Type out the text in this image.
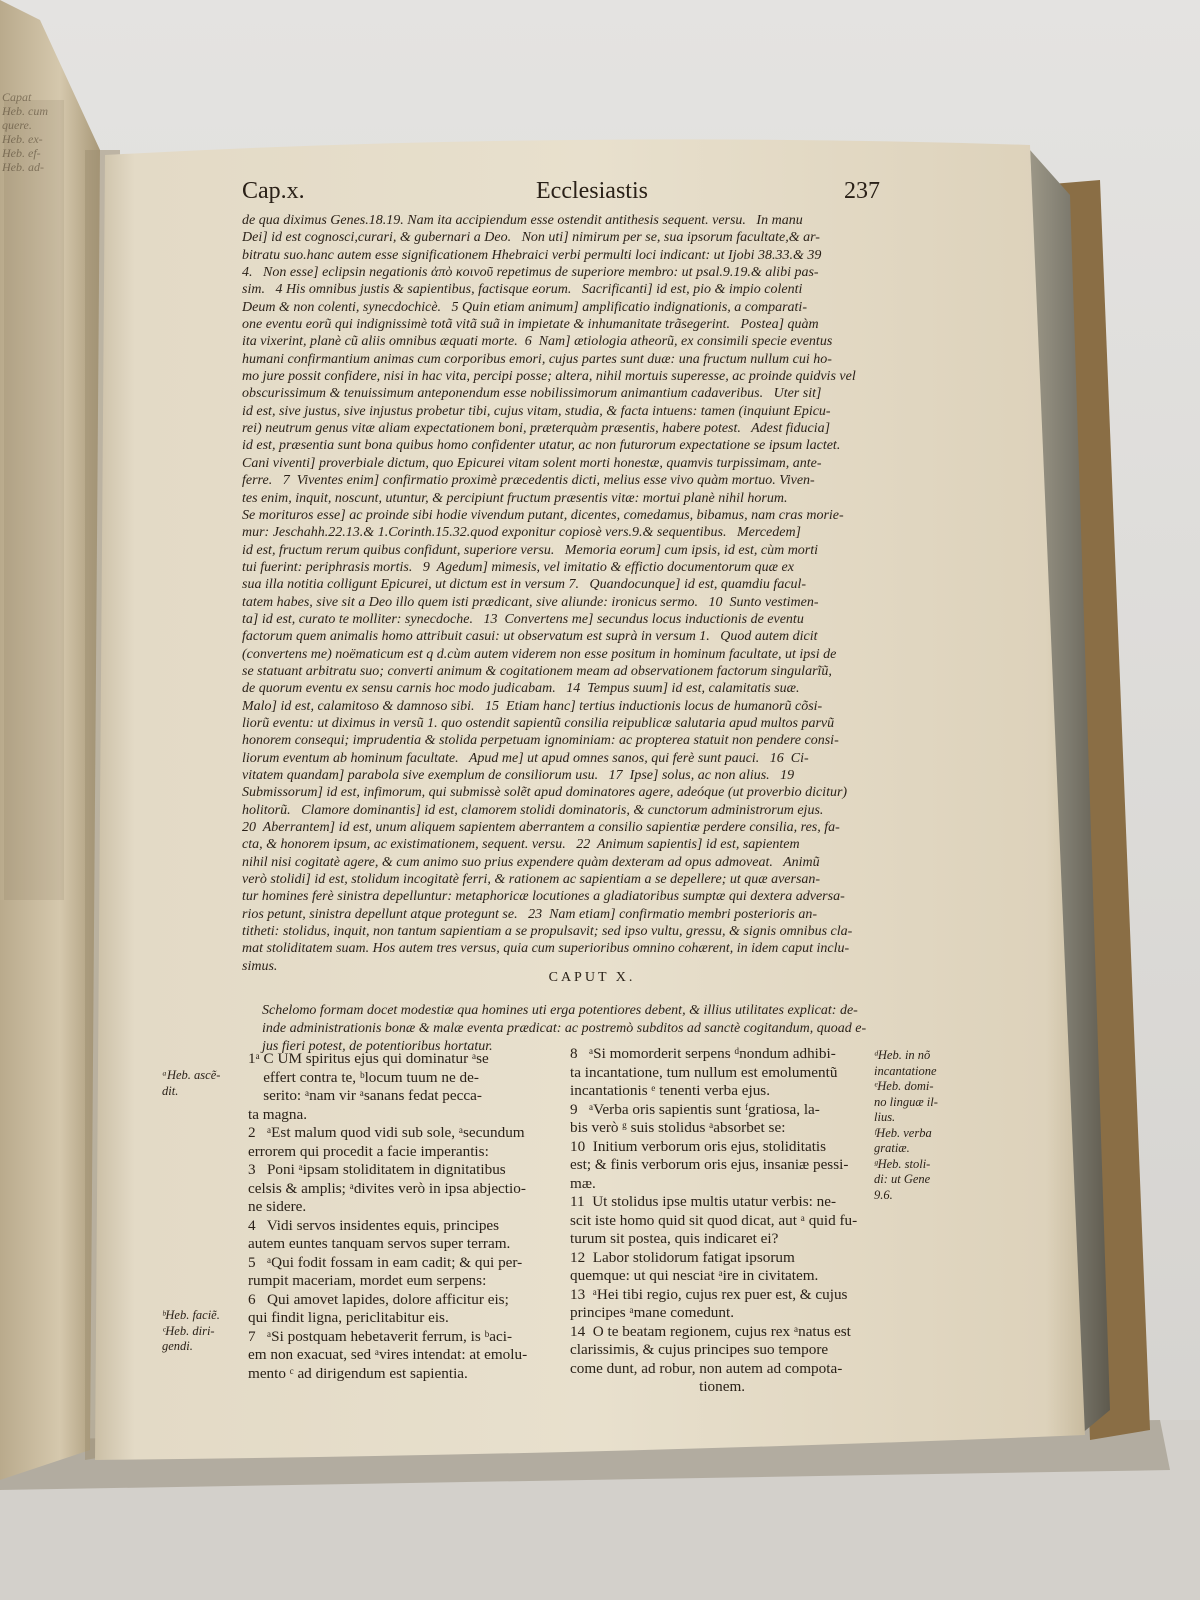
Cap.x.	Ecclesiastis	237
de qua diximus Genes.18.19. Nam ita accipiendum esse ostendit antithesis sequent. versu.   In manu
Dei] id est cognosci,curari, & gubernari a Deo.   Non uti] nimirum per se, sua ipsorum facultate,& ar-
bitratu suo.hanc autem esse significationem Hhebraici verbi permulti loci indicant: ut Ijobi 38.33.& 39
4.   Non esse] eclipsin negationis ἀπὸ κοινοῦ repetimus de superiore membro: ut psal.9.19.& alibi pas-
sim.   4 His omnibus justis & sapientibus, factisque eorum.   Sacrificanti] id est, pio & impio colenti
Deum & non colenti, synecdochicè.   5 Quin etiam animum] amplificatio indignationis, a comparati-
one eventu eorũ qui indignissimè totã vitã suã in impietate & inhumanitate trãsegerint.   Postea] quàm
ita vixerint, planè cũ aliis omnibus æquati morte.  6  Nam] ætiologia atheorũ, ex consimili specie eventus
humani confirmantium animas cum corporibus emori, cujus partes sunt duæ: una fructum nullum cui ho-
mo jure possit confidere, nisi in hac vita, percipi posse; altera, nihil mortuis superesse, ac proinde quidvis vel
obscurissimum & tenuissimum anteponendum esse nobilissimorum animantium cadaveribus.   Uter sit]
id est, sive justus, sive injustus probetur tibi, cujus vitam, studia, & facta intuens: tamen (inquiunt Epicu-
rei) neutrum genus vitæ aliam expectationem boni, præterquàm præsentis, habere potest.   Adest fiducia]
id est, præsentia sunt bona quibus homo confidenter utatur, ac non futurorum expectatione se ipsum lactet.
Cani viventi] proverbiale dictum, quo Epicurei vitam solent morti honestæ, quamvis turpissimam, ante-
ferre.   7  Viventes enim] confirmatio proximè præcedentis dicti, melius esse vivo quàm mortuo. Viven-
tes enim, inquit, noscunt, utuntur, & percipiunt fructum præsentis vitæ: mortui planè nihil horum.
Se morituros esse] ac proinde sibi hodie vivendum putant, dicentes, comedamus, bibamus, nam cras morie-
mur: Jeschahh.22.13.& 1.Corinth.15.32.quod exponitur copiosè vers.9.& sequentibus.   Mercedem]
id est, fructum rerum quibus confidunt, superiore versu.   Memoria eorum] cum ipsis, id est, cùm morti
tui fuerint: periphrasis mortis.   9  Agedum] mimesis, vel imitatio & effictio documentorum quæ ex
sua illa notitia colligunt Epicurei, ut dictum est in versum 7.   Quandocunque] id est, quamdiu facul-
tatem habes, sive sit a Deo illo quem isti prædicant, sive aliunde: ironicus sermo.   10  Sunto vestimen-
ta] id est, curato te molliter: synecdoche.   13  Convertens me] secundus locus inductionis de eventu
factorum quem animalis homo attribuit casui: ut observatum est suprà in versum 1.   Quod autem dicit
(convertens me) noëmaticum est q d.cùm autem viderem non esse positum in hominum facultate, ut ipsi de
se statuant arbitratu suo; converti animum & cogitationem meam ad observationem factorum singularĩũ,
de quorum eventu ex sensu carnis hoc modo judicabam.   14  Tempus suum] id est, calamitatis suæ.
Malo] id est, calamitoso & damnoso sibi.   15  Etiam hanc] tertius inductionis locus de humanorũ cõsi-
liorũ eventu: ut diximus in versũ 1. quo ostendit sapientũ consilia reipublicæ salutaria apud multos parvũ
honorem consequi; imprudentia & stolida perpetuam ignominiam: ac propterea statuit non pendere consi-
liorum eventum ab hominum facultate.   Apud me] ut apud omnes sanos, qui ferè sunt pauci.   16  Ci-
vitatem quandam] parabola sive exemplum de consiliorum usu.   17  Ipse] solus, ac non alius.   19
Submissorum] id est, infimorum, qui submissè solẽt apud dominatores agere, adeóque (ut proverbio dicitur)
holitorũ.   Clamore dominantis] id est, clamorem stolidi dominatoris, & cunctorum administrorum ejus.
20  Aberrantem] id est, unum aliquem sapientem aberrantem a consilio sapientiæ perdere consilia, res, fa-
cta, & honorem ipsum, ac existimationem, sequent. versu.   22  Animum sapientis] id est, sapientem
nihil nisi cogitatè agere, & cum animo suo prius expendere quàm dexteram ad opus admoveat.   Animũ
verò stolidi] id est, stolidum incogitatè ferri, & rationem ac sapientiam a se depellere; ut quæ aversan-
tur homines ferè sinistra depelluntur: metaphoricæ locutiones a gladiatoribus sumptæ qui dextera adversa-
rios petunt, sinistra depellunt atque protegunt se.   23  Nam etiam] confirmatio membri posterioris an-
titheti: stolidus, inquit, non tantum sapientiam a se propulsavit; sed ipso vultu, gressu, & signis omnibus cla-
mat stoliditatem suam. Hos autem tres versus, quia cum superioribus omnino cohærent, in idem caput inclu-
simus.
CAPUT X.
Schelomo formam docet modestiæ qua homines uti erga potentiores debent, & illius utilitates explicat: de-
inde administrationis bonæ & malæ eventa prædicat: ac postremò subditos ad sanctè cogitandum, quoad e-
jus fieri potest, de potentioribus hortatur.
1ᵃ C UM spiritus ejus qui dominatur ᵃse
effert contra te, ᵇlocum tuum ne de-
serito: ᵃnam vir ᵃsanans fedat pecca-
ta magna.
2   ᵃEst malum quod vidi sub sole, ᵃsecundum
errorem qui procedit a facie imperantis:
3   Poni ᵃipsam stoliditatem in dignitatibus
celsis & amplis; ᵃdivites verò in ipsa abjectio-
ne sidere.
4   Vidi servos insidentes equis, principes
autem euntes tanquam servos super terram.
5   ᵃQui fodit fossam in eam cadit; & qui per-
rumpit maceriam, mordet eum serpens:
6   Qui amovet lapides, dolore afficitur eis;
qui findit ligna, periclitabitur eis.
7   ᵃSi postquam hebetaverit ferrum, is ᵇaci-
em non exacuat, sed ᵃvires intendat: at emolu-
mento ᶜ ad dirigendum est sapientia.
8   ᵃSi momorderit serpens ᵈnondum adhibi-
ta incantatione, tum nullum est emolumentũ
incantationis ᵉ tenenti verba ejus.
9   ᵃVerba oris sapientis sunt ᶠgratiosa, la-
bis verò ᵍ suis stolidus ᵃabsorbet se:
10  Initium verborum oris ejus, stoliditatis
est; & finis verborum oris ejus, insaniæ pessi-
mæ.
11  Ut stolidus ipse multis utatur verbis: ne-
scit iste homo quid sit quod dicat, aut ᵃ quid fu-
turum sit postea, quis indicaret ei?
12  Labor stolidorum fatigat ipsorum
quemque: ut qui nesciat ᵃire in civitatem.
13  ᵃHei tibi regio, cujus rex puer est, & cujus
principes ᵃmane comedunt.
14  O te beatam regionem, cujus rex ᵃnatus est
clarissimis, & cujus principes suo tempore
come dunt, ad robur, non autem ad compota-
tionem.
ᵃHeb. ascẽ-
dit.
ᵇHeb. faciẽ.
ᶜHeb. diri-
gendi.
ᵈHeb. in nõ
incantatione
ᵉHeb. domi-
no linguæ il-
lius.
ᶠHeb. verba
gratiæ.
ᵍHeb. stoli-
di: ut Gene
9.6.
Capat
Heb. cum
quere.
Heb. ex-
Heb. ef-
Heb. ad-
